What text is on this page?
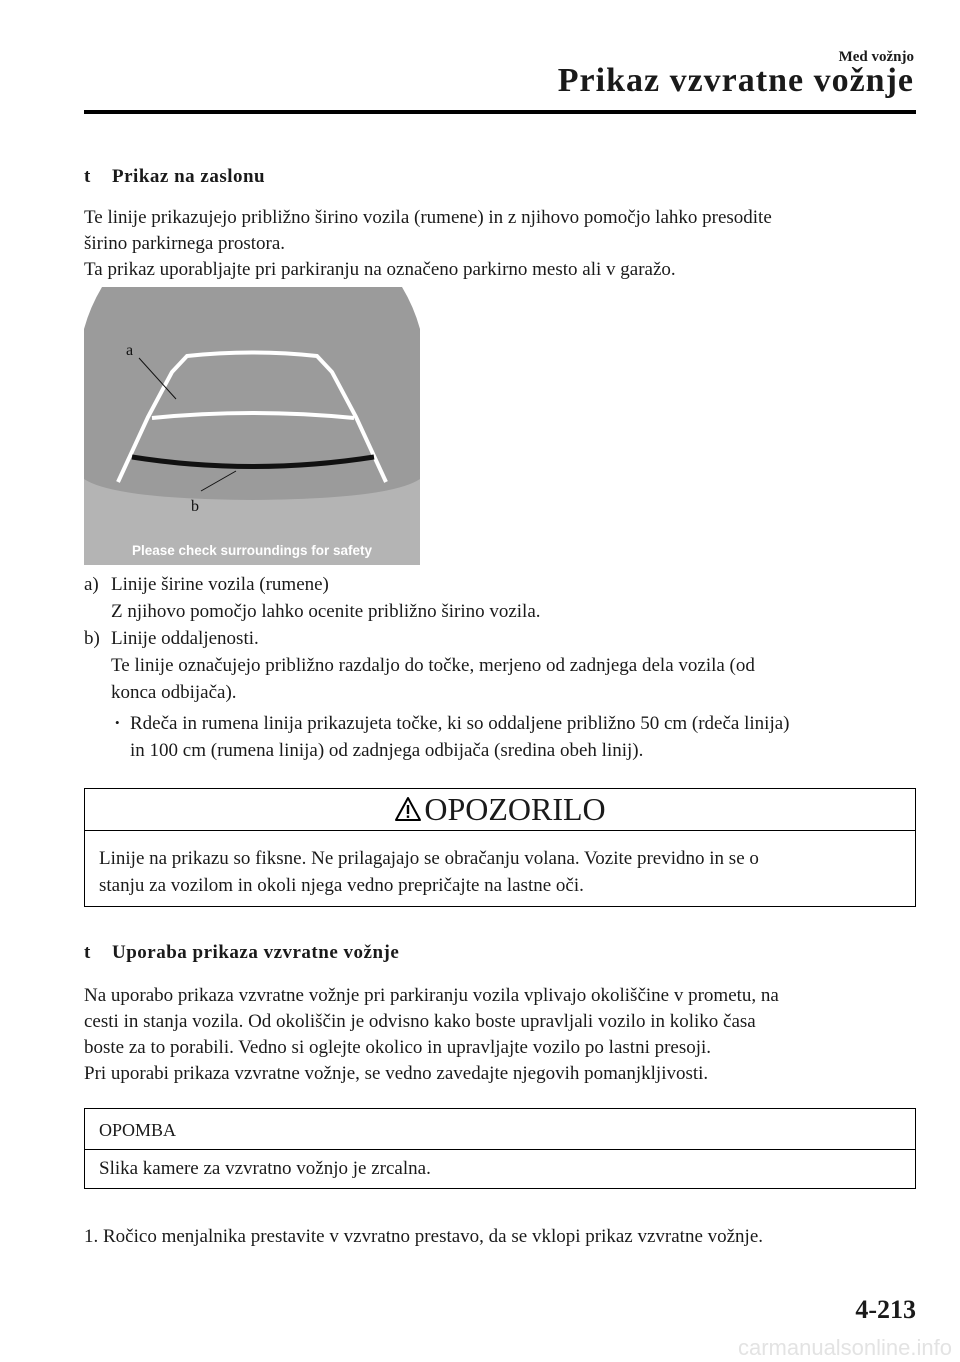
Med vožnjo
Prikaz vzvratne vožnje
t Prikaz na zaslonu

Te linije prikazujejo približno širino vozila (rumene) in z njihovo pomočjo lahko presodite

širino parkirnega prostora.

Ta prikaz uporabljajte pri parkiranju na označeno parkirno mesto ali v garažo.

a
b
Please check surroundings for safety
a) Linije širine vozila (rumene)
Z njihovo pomočjo lahko ocenite približno širino vozila.
b) Linije oddaljenosti.
Te linije označujejo približno razdaljo do točke, merjeno od zadnjega dela vozila (od
konca odbijača).
• Rdeča in rumena linija prikazujeta točke, ki so oddaljene približno 50 cm (rdeča linija)
in 100 cm (rumena linija) od zadnjega odbijača (sredina obeh linij).
OPOZORILO
Linije na prikazu so fiksne. Ne prilagajajo se obračanju volana. Vozite previdno in se o
stanju za vozilom in okoli njega vedno prepričajte na lastne oči.
t Uporaba prikaza vzvratne vožnje

Na uporabo prikaza vzvratne vožnje pri parkiranju vozila vplivajo okoliščine v prometu, na

cesti in stanja vozila. Od okoliščin je odvisno kako boste upravljali vozilo in koliko časa

boste za to porabili. Vedno si oglejte okolico in upravljajte vozilo po lastni presoji.

Pri uporabi prikaza vzvratne vožnje, se vedno zavedajte njegovih pomanjkljivosti.

OPOMBA
Slika kamere za vzvratno vožnjo je zrcalna.
1. Ročico menjalnika prestavite v vzvratno prestavo, da se vklopi prikaz vzvratne vožnje.
4-213
carmanualsonline.info
